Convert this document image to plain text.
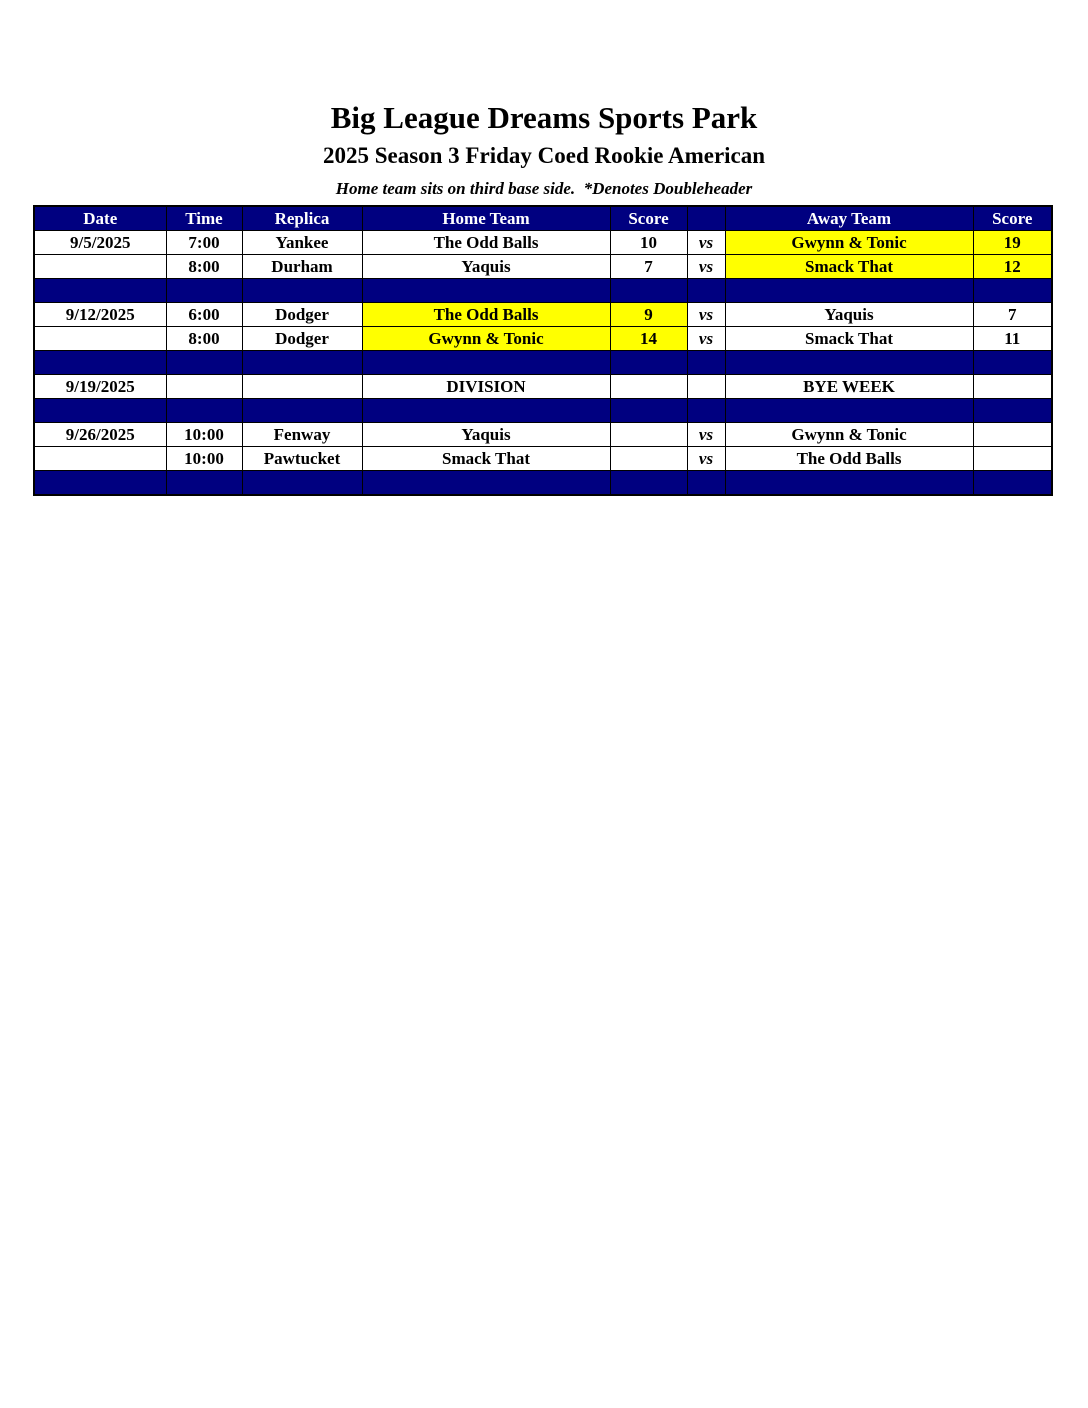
Big League Dreams Sports Park
2025 Season 3 Friday Coed Rookie American
Home team sits on third base side.  *Denotes Doubleheader
Date	Time	Replica	Home Team	Score		Away Team	Score
9/5/2025	7:00	Yankee	The Odd Balls	10	vs	Gwynn & Tonic	19
	8:00	Durham	Yaquis	7	vs	Smack That	12

9/12/2025	6:00	Dodger	The Odd Balls	9	vs	Yaquis	7
	8:00	Dodger	Gwynn & Tonic	14	vs	Smack That	11

9/19/2025			DIVISION			BYE WEEK	

9/26/2025	10:00	Fenway	Yaquis		vs	Gwynn & Tonic	
	10:00	Pawtucket	Smack That		vs	The Odd Balls	
